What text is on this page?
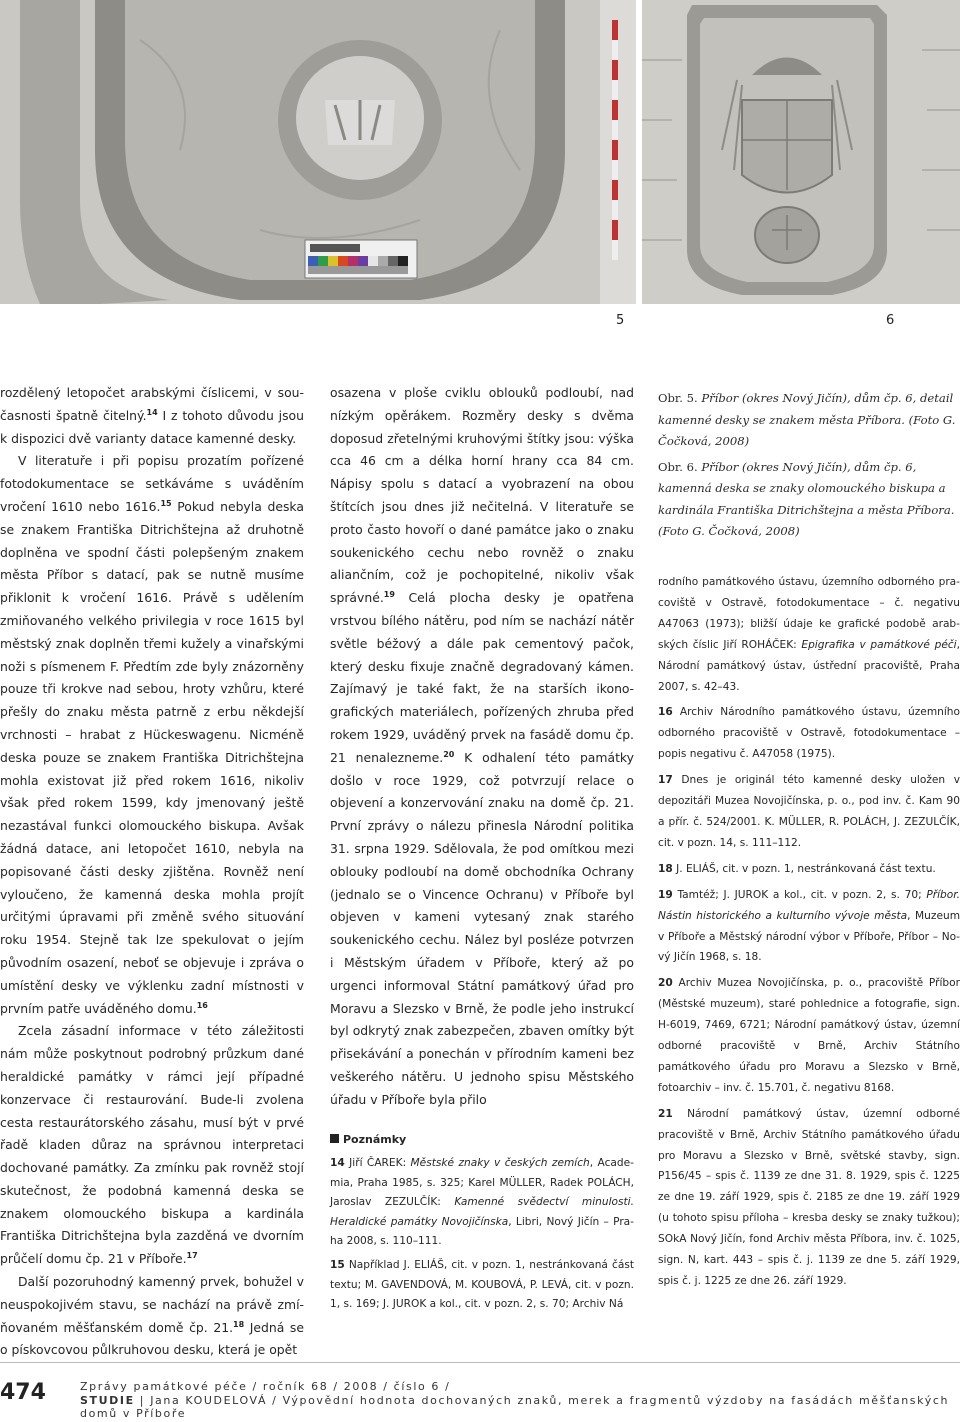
5	6

rozdělený letopočet arabskými číslicemi, v současnosti špatně čitelný.$^{14}$ I z tohoto důvodu jsou k dispozici dvě varianty datace kamenné desky.

V literatuře i při popisu prozatím pořízené fotodokumentace se setkáváme s uváděním vročení 1610 nebo 1616.15 Pokud nebyla deska se znakem Františka Ditrichštejna až druhotně doplněna ve spodní části polepšeným znakem města Příbor s datací, pak se nutně musíme přiklonit k vročení 1616. Právě s udělením zmiňovaného velkého privilegia v roce 1615 byl městský znak doplněn třemi kužely a vinařskými noži s písmenem F. Předtím zde byly znázorněny pouze tři krokve nad sebou, hroty vzhůru, které přešly do znaku města patrně z erbu někdejší vrchnosti – hrabat z Hückeswagenu. Nicméně deska pouze se znakem Františka Ditrichštejna mohla existovat již před rokem 1616, nikoliv však před rokem 1599, kdy jmenovaný ještě nezastával funkci olomouckého biskupa. Avšak žádná datace, ani letopočet 1610, nebyla na popisované části desky zjištěna. Rovněž není vyloučeno, že kamenná deska mohla projít určitými úpravami při změně svého situování roku 1954. Stejně tak lze spekulovat o jejím původním osazení, neboť se objevuje i zpráva o umístění desky ve výklenku zadní místnosti v prvním patře uváděného domu.$^{16}$

Zcela zásadní informace v této záležitosti nám může poskytnout podrobný průzkum dané heraldické památky v rámci její případné konzervace či restaurování. Bude-li zvolena cesta restaurátorského zásahu, musí být v prvé řadě kladen důraz na správnou interpretaci dochované památky. Za zmínku pak rovněž stojí skutečnost, že podobná kamenná deska se znakem olomouckého biskupa a kardinála Františka Ditrichštejna byla zazděná ve dvorním průčelí domu čp. 21 v Příboře.$^{17}$

Další pozoruhodný kamenný prvek, bohužel v neuspokojivém stavu, se nachází na právě zmíňovaném měšťanském domě čp. 21.18 Jedná se o pískovcovou půlkruhovou desku, která je opět

osazena v ploše cviklu oblouků podloubí, nad nízkým opěrákem. Rozměry desky s dvěma doposud zřetelnými kruhovými štítky jsou: výška cca 46 cm a délka horní hrany cca 84 cm. Nápisy spolu s datací a vyobrazení na obou štítcích jsou dnes již nečitelná. V literatuře se proto často hovoří o dané památce jako o znaku soukenického cechu nebo rovněž o znaku aliančním, což je pochopitelné, nikoliv však správné.$^{19}$ Celá plocha desky je opatřena vrstvou bílého nátěru, pod ním se nachází nátěr světle béžový a dále pak cementový pačok, který desku fixuje značně degradovaný kámen. Zajímavý je také fakt, že na starších ikonografických materiálech, pořízených zhruba před rokem 1929, uváděný prvek na fasádě domu čp. 21 nenalezneme.$^{20}$ K odhalení této památky došlo v roce 1929, což potvrzují relace o objevení a konzervování znaku na domě čp. 21. První zprávy o nálezu přinesla Národní politika 31. srpna 1929. Sdělovala, že pod omítkou mezi oblouky podloubí na domě obchodníka Ochrany (jednalo se o Vincence Ochranu) v Příboře byl objeven v kameni vytesaný znak starého soukenického cechu. Nález byl posléze potvrzen i Městským úřadem v Příboře, který až po urgenci informoval Státní památkový úřad pro Moravu a Slezsko v Brně, že podle jeho instrukcí byl odkrytý znak zabezpečen, zbaven omítky být přisekávání a ponechán v přírodním kameni bez veškerého nátěru. U jednoho spisu Městského úřadu v Příboře byla přilo

Poznámky

14 Jiří ČAREK: Městské znaky v českých zemích, Academia, Praha 1985, s. 325; Karel MÜLLER, Radek POLÁCH, Jaroslav ZEZULČÍK: Kamenné svědectví minulosti. Heraldické památky Novojičínska, Libri, Nový Jičín – Praha 2008, s. 110–111.

15 Například J. ELIÁŠ, cit. v pozn. 1, nestránkovaná část textu; M. GAVENDOVÁ, M. KOUBOVÁ, P. LEVÁ, cit. v pozn. 1, s. 169; J. JUROK a kol., cit. v pozn. 2, s. 70; Archiv Ná

Obr. 5. Příbor (okres Nový Jičín), dům čp. 6, detail kamenné desky se znakem města Příbora. (Foto G. Čočková, 2008)

Obr. 6. Příbor (okres Nový Jičín), dům čp. 6, kamenná deska se znaky olomouckého biskupa a kardinála Františka Ditrichštejna a města Příbora. (Foto G. Čočková, 2008)

rodního památkového ústavu, územního odborného pracoviště v Ostravě, fotodokumentace – č. negativu A47063 (1973); bližší údaje ke grafické podobě arabských číslic Jiří ROHÁČEK: Epigrafika v památkové péči, Národní památkový ústav, ústřední pracoviště, Praha 2007, s. 42–43.

16 Archiv Národního památkového ústavu, územního odborného pracoviště v Ostravě, fotodokumentace – popis negativu č. A47058 (1975).

17 Dnes je originál této kamenné desky uložen v depozitáři Muzea Novojičínska, p. o., pod inv. č. Kam 90 a přír. č. 524/2001. K. MÜLLER, R. POLÁCH, J. ZEZULČÍK, cit. v pozn. 14, s. 111–112.

18 J. ELIÁŠ, cit. v pozn. 1, nestránkovaná část textu.

19 Tamtéž; J. JUROK a kol., cit. v pozn. 2, s. 70; Příbor. Nástin historického a kulturního vývoje města, Muzeum v Příboře a Městský národní výbor v Příboře, Příbor – Nový Jičín 1968, s. 18.

20 Archiv Muzea Novojičínska, p. o., pracoviště Příbor (Městské muzeum), staré pohlednice a fotografie, sign. H-6019, 7469, 6721; Národní památkový ústav, územní odborné pracoviště v Brně, Archiv Státního památkového úřadu pro Moravu a Slezsko v Brně, fotoarchiv – inv. č. 15.701, č. negativu 8168.

21 Národní památkový ústav, územní odborné pracoviště v Brně, Archiv Státního památkového úřadu pro Moravu a Slezsko v Brně, světské stavby, sign. P156/45 – spis č. 1139 ze dne 31. 8. 1929, spis č. 1225 ze dne 19. září 1929, spis č. 2185 ze dne 19. září 1929 (u tohoto spisu příloha – kresba desky se znaky tužkou); SOkA Nový Jičín, fond Archiv města Příbora, inv. č. 1025, sign. N, kart. 443 – spis č. j. 1139 ze dne 5. září 1929, spis č. j. 1225 ze dne 26. září 1929.

474	Zprávy památkové péče / ročník 68 / 2008 / číslo 6 /
STUDIE | Jana KOUDELOVÁ / Výpovědní hodnota dochovaných znaků, merek a fragmentů výzdoby na fasádách měšťanských domů v Příboře
